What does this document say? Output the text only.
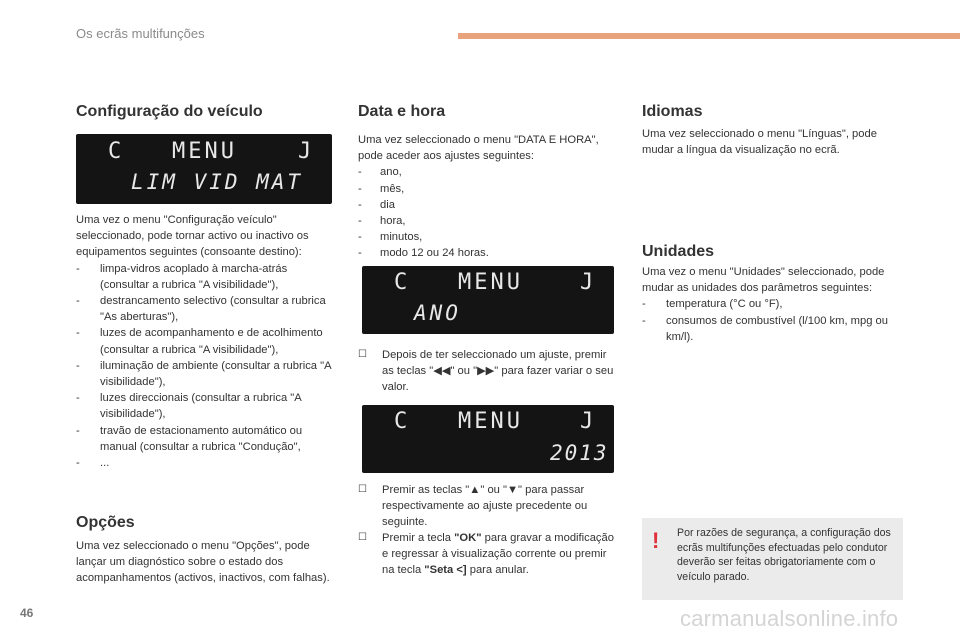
Os ecrãs multifunções
Configuração do veículo
C MENU	J
LIM VID MAT
Uma vez o menu "Configuração veículo" seleccionado, pode tornar activo ou inactivo os equipamentos seguintes (consoante destino):
- limpa-vidros acoplado à marcha-atrás (consultar a rubrica "A visibilidade"),
- destrancamento selectivo (consultar a rubrica "As aberturas"),
- luzes de acompanhamento e de acolhimento (consultar a rubrica "A visibilidade"),
- iluminação de ambiente (consultar a rubrica "A visibilidade"),
- luzes direccionais (consultar a rubrica "A visibilidade"),
- travão de estacionamento automático ou manual (consultar a rubrica "Condução",
- ...
Opções
Uma vez seleccionado o menu "Opções", pode lançar um diagnóstico sobre o estado dos acompanhamentos (activos, inactivos, com falhas).
Data e hora
Uma vez seleccionado o menu "DATA E HORA", pode aceder aos ajustes seguintes:
- ano,
- mês,
- dia
- hora,
- minutos,
- modo 12 ou 24 horas.
C MENU	J
ANO
☐ Depois de ter seleccionado um ajuste, premir as teclas "◀◀" ou "▶▶" para fazer variar o seu valor.
C MENU	J
2013
☐ Premir as teclas "▲" ou "▼" para passar respectivamente ao ajuste precedente ou seguinte.
☐ Premir a tecla "OK" para gravar a modificação e regressar à visualização corrente ou premir na tecla "Seta <] para anular.
Idiomas
Uma vez seleccionado o menu "Línguas", pode mudar a língua da visualização no ecrã.
Unidades
Uma vez o menu "Unidades" seleccionado, pode mudar as unidades dos parâmetros seguintes:
- temperatura (°C ou °F),
- consumos de combustível (l/100 km, mpg ou km/l).
! Por razões de segurança, a configuração dos ecrãs multifunções efectuadas pelo condutor deverão ser feitas obrigatoriamente com o veículo parado.
46	carmanualsonline.info
